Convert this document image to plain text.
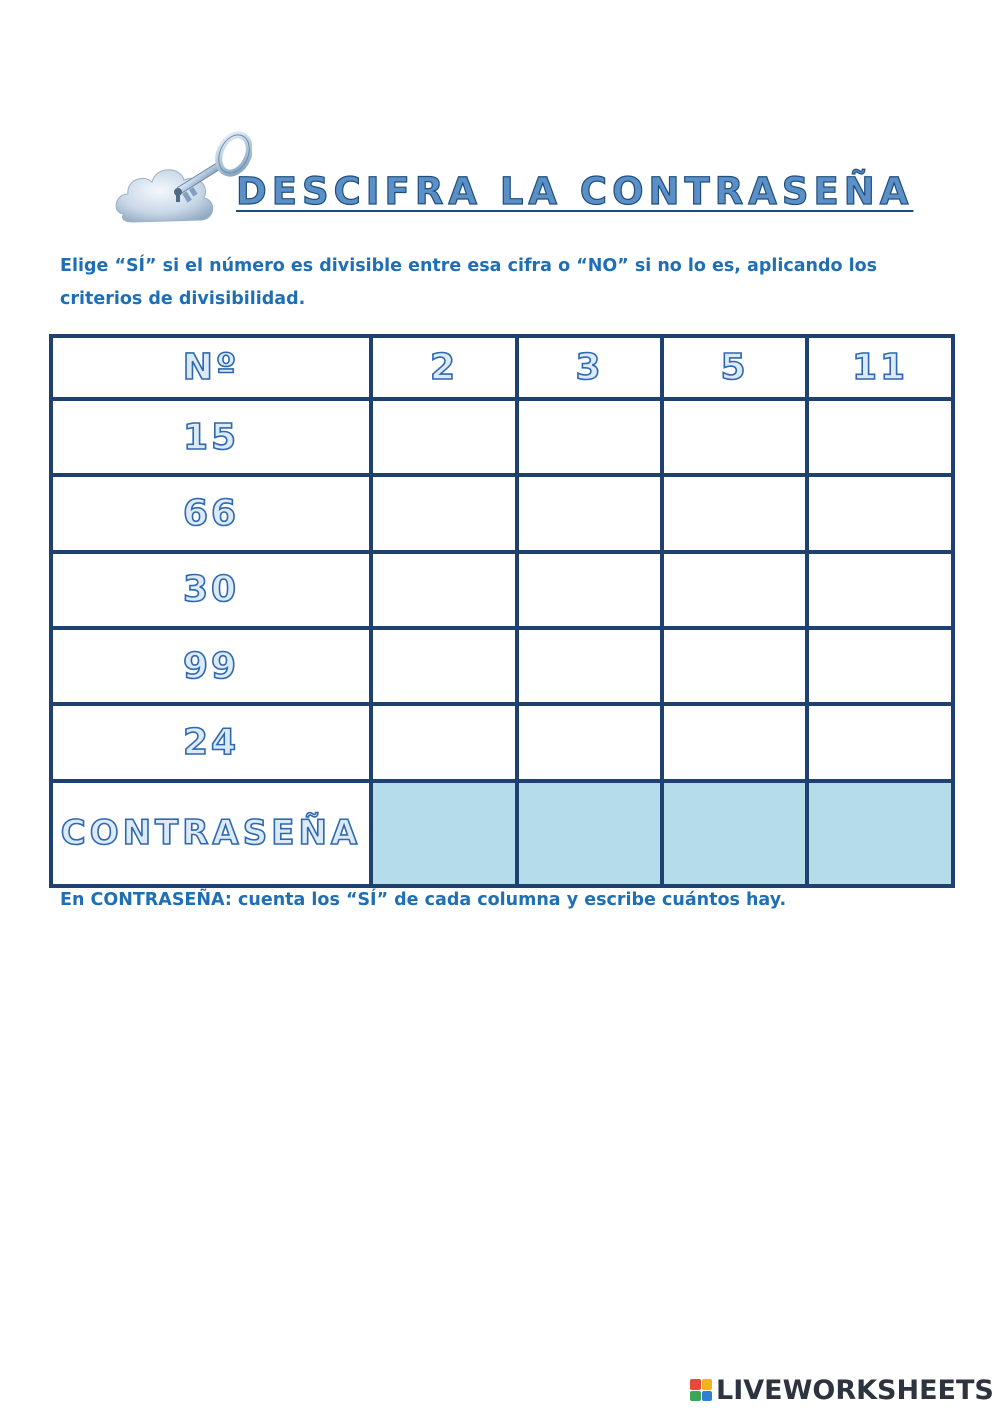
DESCIFRA LA CONTRASEÑA
Elige “SÍ” si el número es divisible entre esa cifra o “NO” si no lo es, aplicando los criterios de divisibilidad.
Nº	2	3	5	11
15				
66				
30				
99				
24				
CONTRASEÑA				
En CONTRASEÑA: cuenta los “SÍ” de cada columna y escribe cuántos hay.
LIVEWORKSHEETS
